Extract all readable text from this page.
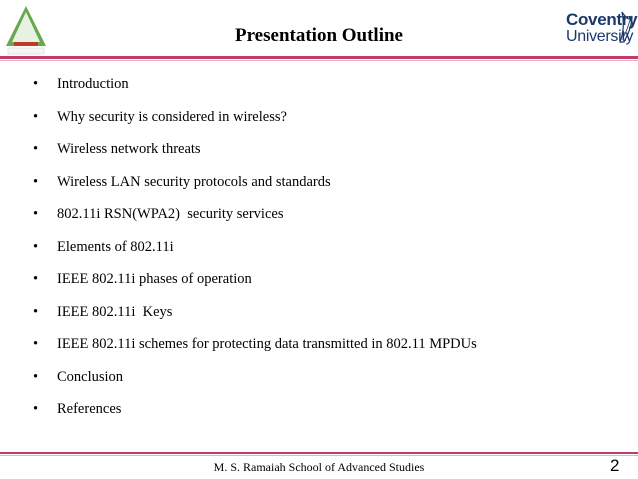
Coventry
University
Presentation Outline
• Introduction
• Why security is considered in wireless?
• Wireless network threats
• Wireless LAN security protocols and standards
• 802.11i RSN(WPA2)  security services
• Elements of 802.11i
• IEEE 802.11i phases of operation
• IEEE 802.11i  Keys
• IEEE 802.11i schemes for protecting data transmitted in 802.11 MPDUs
• Conclusion
• References
M. S. Ramaiah School of Advanced Studies	2
